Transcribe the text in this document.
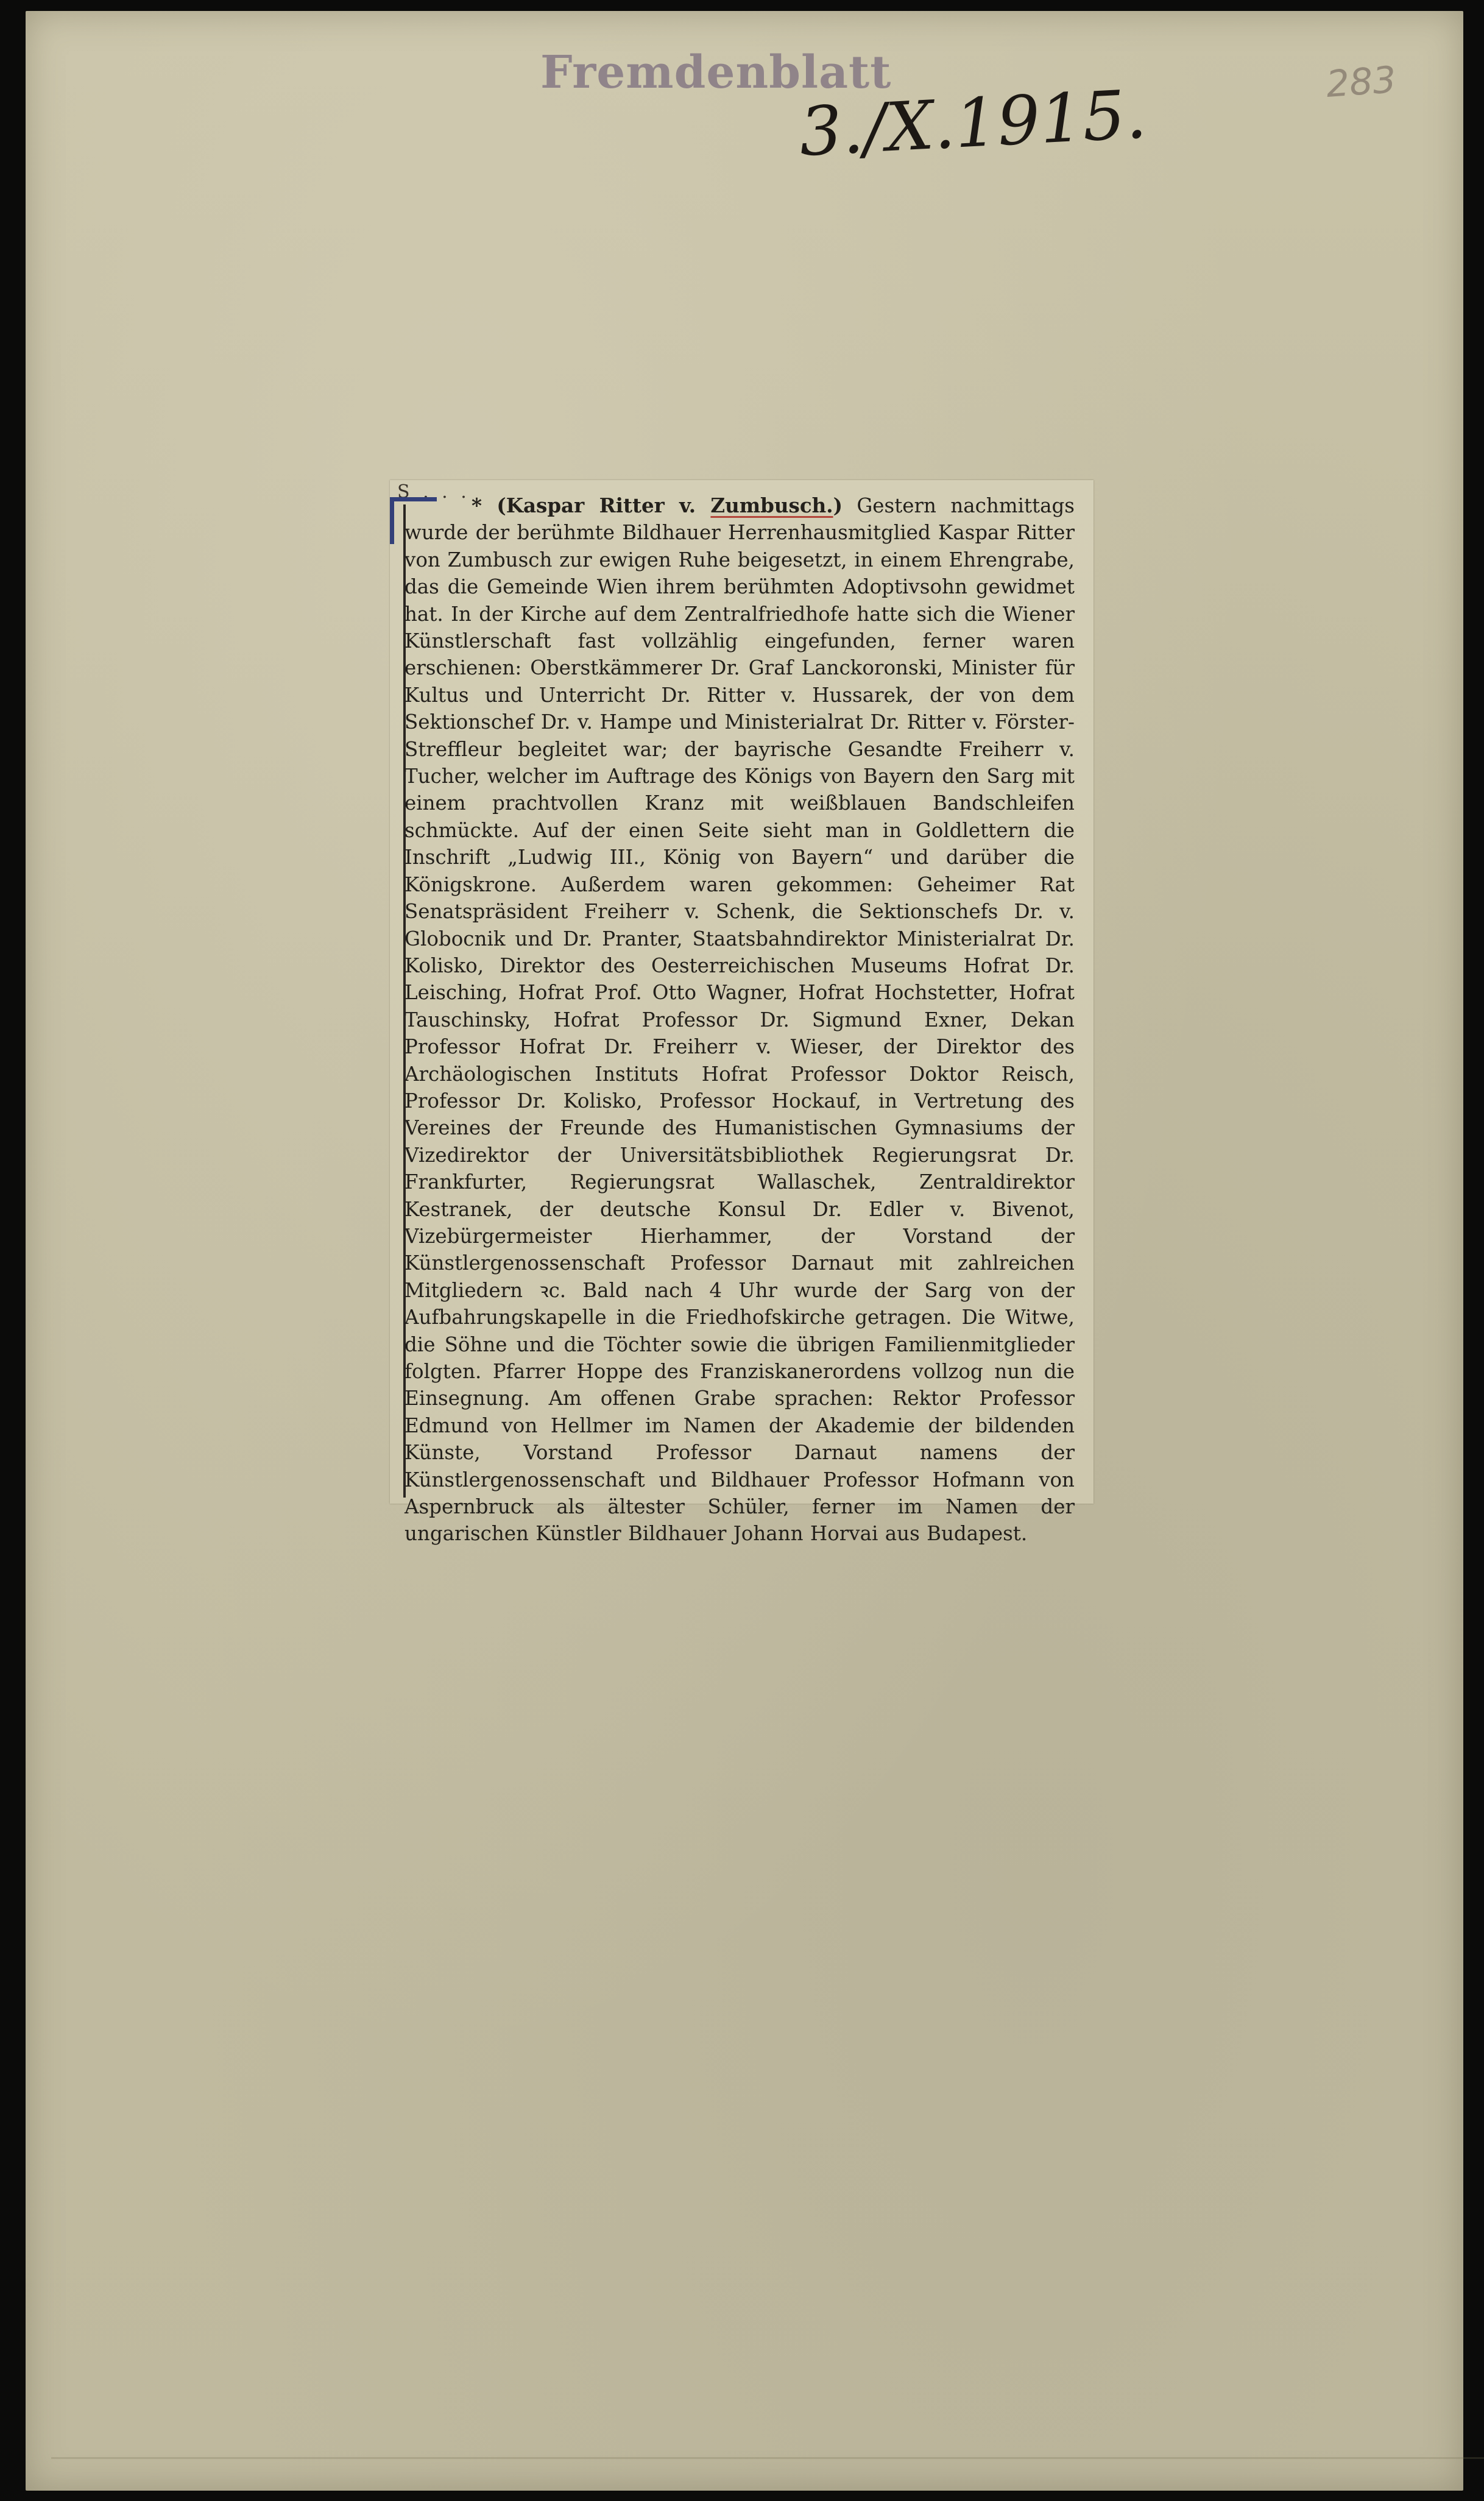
Fremdenblatt
3./X.1915.	283
S . . .
* (Kaspar Ritter v. Zumbusch.) Gestern nachmittags wurde der berühmte Bildhauer Herrenhausmitglied Kaspar Ritter von Zumbusch zur ewigen Ruhe beigesetzt, in einem Ehrengrabe, das die Gemeinde Wien ihrem berühmten Adoptivsohn gewidmet hat. In der Kirche auf dem Zentralfriedhofe hatte sich die Wiener Künstlerschaft fast vollzählig eingefunden, ferner waren erschienen: Oberstkämmerer Dr. Graf Lanckoronski, Minister für Kultus und Unterricht Dr. Ritter v. Hussarek, der von dem Sektionschef Dr. v. Hampe und Ministerialrat Dr. Ritter v. Förster-Streffleur begleitet war; der bayrische Gesandte Freiherr v. Tucher, welcher im Auftrage des Königs von Bayern den Sarg mit einem prachtvollen Kranz mit weißblauen Bandschleifen schmückte. Auf der einen Seite sieht man in Goldlettern die Inschrift „Ludwig III., König von Bayern“ und darüber die Königskrone. Außerdem waren gekommen: Geheimer Rat Senatspräsident Freiherr v. Schenk, die Sektionschefs Dr. v. Globocnik und Dr. Pranter, Staatsbahndirektor Ministerialrat Dr. Kolisko, Direktor des Oesterreichischen Museums Hofrat Dr. Leisching, Hofrat Prof. Otto Wagner, Hofrat Hochstetter, Hofrat Tauschinsky, Hofrat Professor Dr. Sigmund Exner, Dekan Professor Hofrat Dr. Freiherr v. Wieser, der Direktor des Archäologischen Instituts Hofrat Professor Doktor Reisch, Professor Dr. Kolisko, Professor Hockauf, in Vertretung des Vereines der Freunde des Humanistischen Gymnasiums der Vizedirektor der Universitätsbibliothek Regierungsrat Dr. Frankfurter, Regierungsrat Wallaschek, Zentraldirektor Kestranek, der deutsche Konsul Dr. Edler v. Bivenot, Vizebürgermeister Hierhammer, der Vorstand der Künstlergenossenschaft Professor Darnaut mit zahlreichen Mitgliedern ꝛc. Bald nach 4 Uhr wurde der Sarg von der Aufbahrungskapelle in die Friedhofskirche getragen. Die Witwe, die Söhne und die Töchter sowie die übrigen Familienmitglieder folgten. Pfarrer Hoppe des Franziskanerordens vollzog nun die Einsegnung. Am offenen Grabe sprachen: Rektor Professor Edmund von Hellmer im Namen der Akademie der bildenden Künste, Vorstand Professor Darnaut namens der Künstlergenossenschaft und Bildhauer Professor Hofmann von Aspernbruck als ältester Schüler, ferner im Namen der ungarischen Künstler Bildhauer Johann Horvai aus Budapest.
